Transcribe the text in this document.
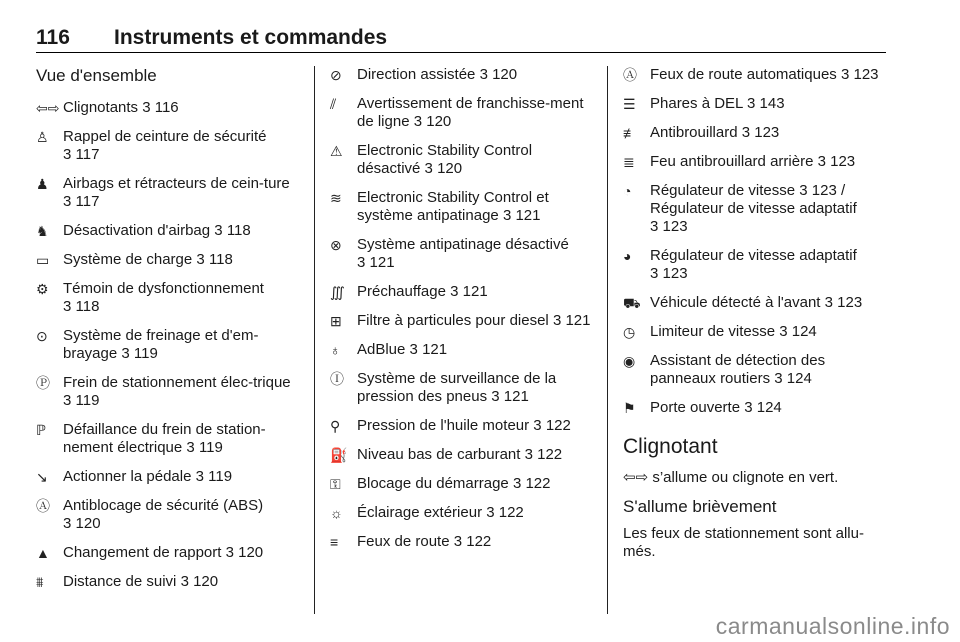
116 Instruments et commandes
Vue d'ensemble
⇦⇨ Clignotants 3 116
♙ Rappel de ceinture de sécurité 3 117
♟ Airbags et rétracteurs de cein-ture 3 117
♞ Désactivation d'airbag 3 118
▭ Système de charge 3 118
⚙ Témoin de dysfonctionnement 3 118
⊙	Système de freinage et d'em-brayage 3 119
Ⓟ Frein de stationnement élec-trique 3 119
ℙ	Défaillance du frein de station-nement électrique 3 119
↘	Actionner la pédale 3 119
Ⓐ Antiblocage de sécurité (ABS) 3 120
▲ Changement de rapport 3 120
⩩	Distance de suivi 3 120
⊘	Direction assistée 3 120
⫽	Avertissement de franchisse-ment de ligne 3 120
⚠ Electronic Stability Control désactivé 3 120
≋	Electronic Stability Control et système antipatinage 3 121
⊗	Système antipatinage désactivé 3 121
∭ Préchauffage 3 121
⊞	Filtre à particules pour diesel 3 121
♁	AdBlue 3 121
Ⓘ Système de surveillance de la pression des pneus 3 121
⚲	Pression de l'huile moteur 3 122
⛽ Niveau bas de carburant 3 122
⚿	Blocage du démarrage 3 122
☼ Éclairage extérieur 3 122
≡	Feux de route 3 122
Ⓐ Feux de route automatiques 3 123
☰ Phares à DEL 3 143
≢ Antibrouillard 3 123
≣	Feu antibrouillard arrière 3 123
◔	Régulateur de vitesse 3 123 /
Régulateur de vitesse adaptatif 3 123
◕	Régulateur de vitesse adaptatif 3 123
⛟ Véhicule détecté à l'avant 3 123
◷ Limiteur de vitesse 3 124
◉ Assistant de détection des panneaux routiers 3 124
⚑ Porte ouverte 3 124
Clignotant
⇦⇨ s’allume ou clignote en vert.
S'allume brièvement
Les feux de stationnement sont allu-més.
carmanualsonline.info
